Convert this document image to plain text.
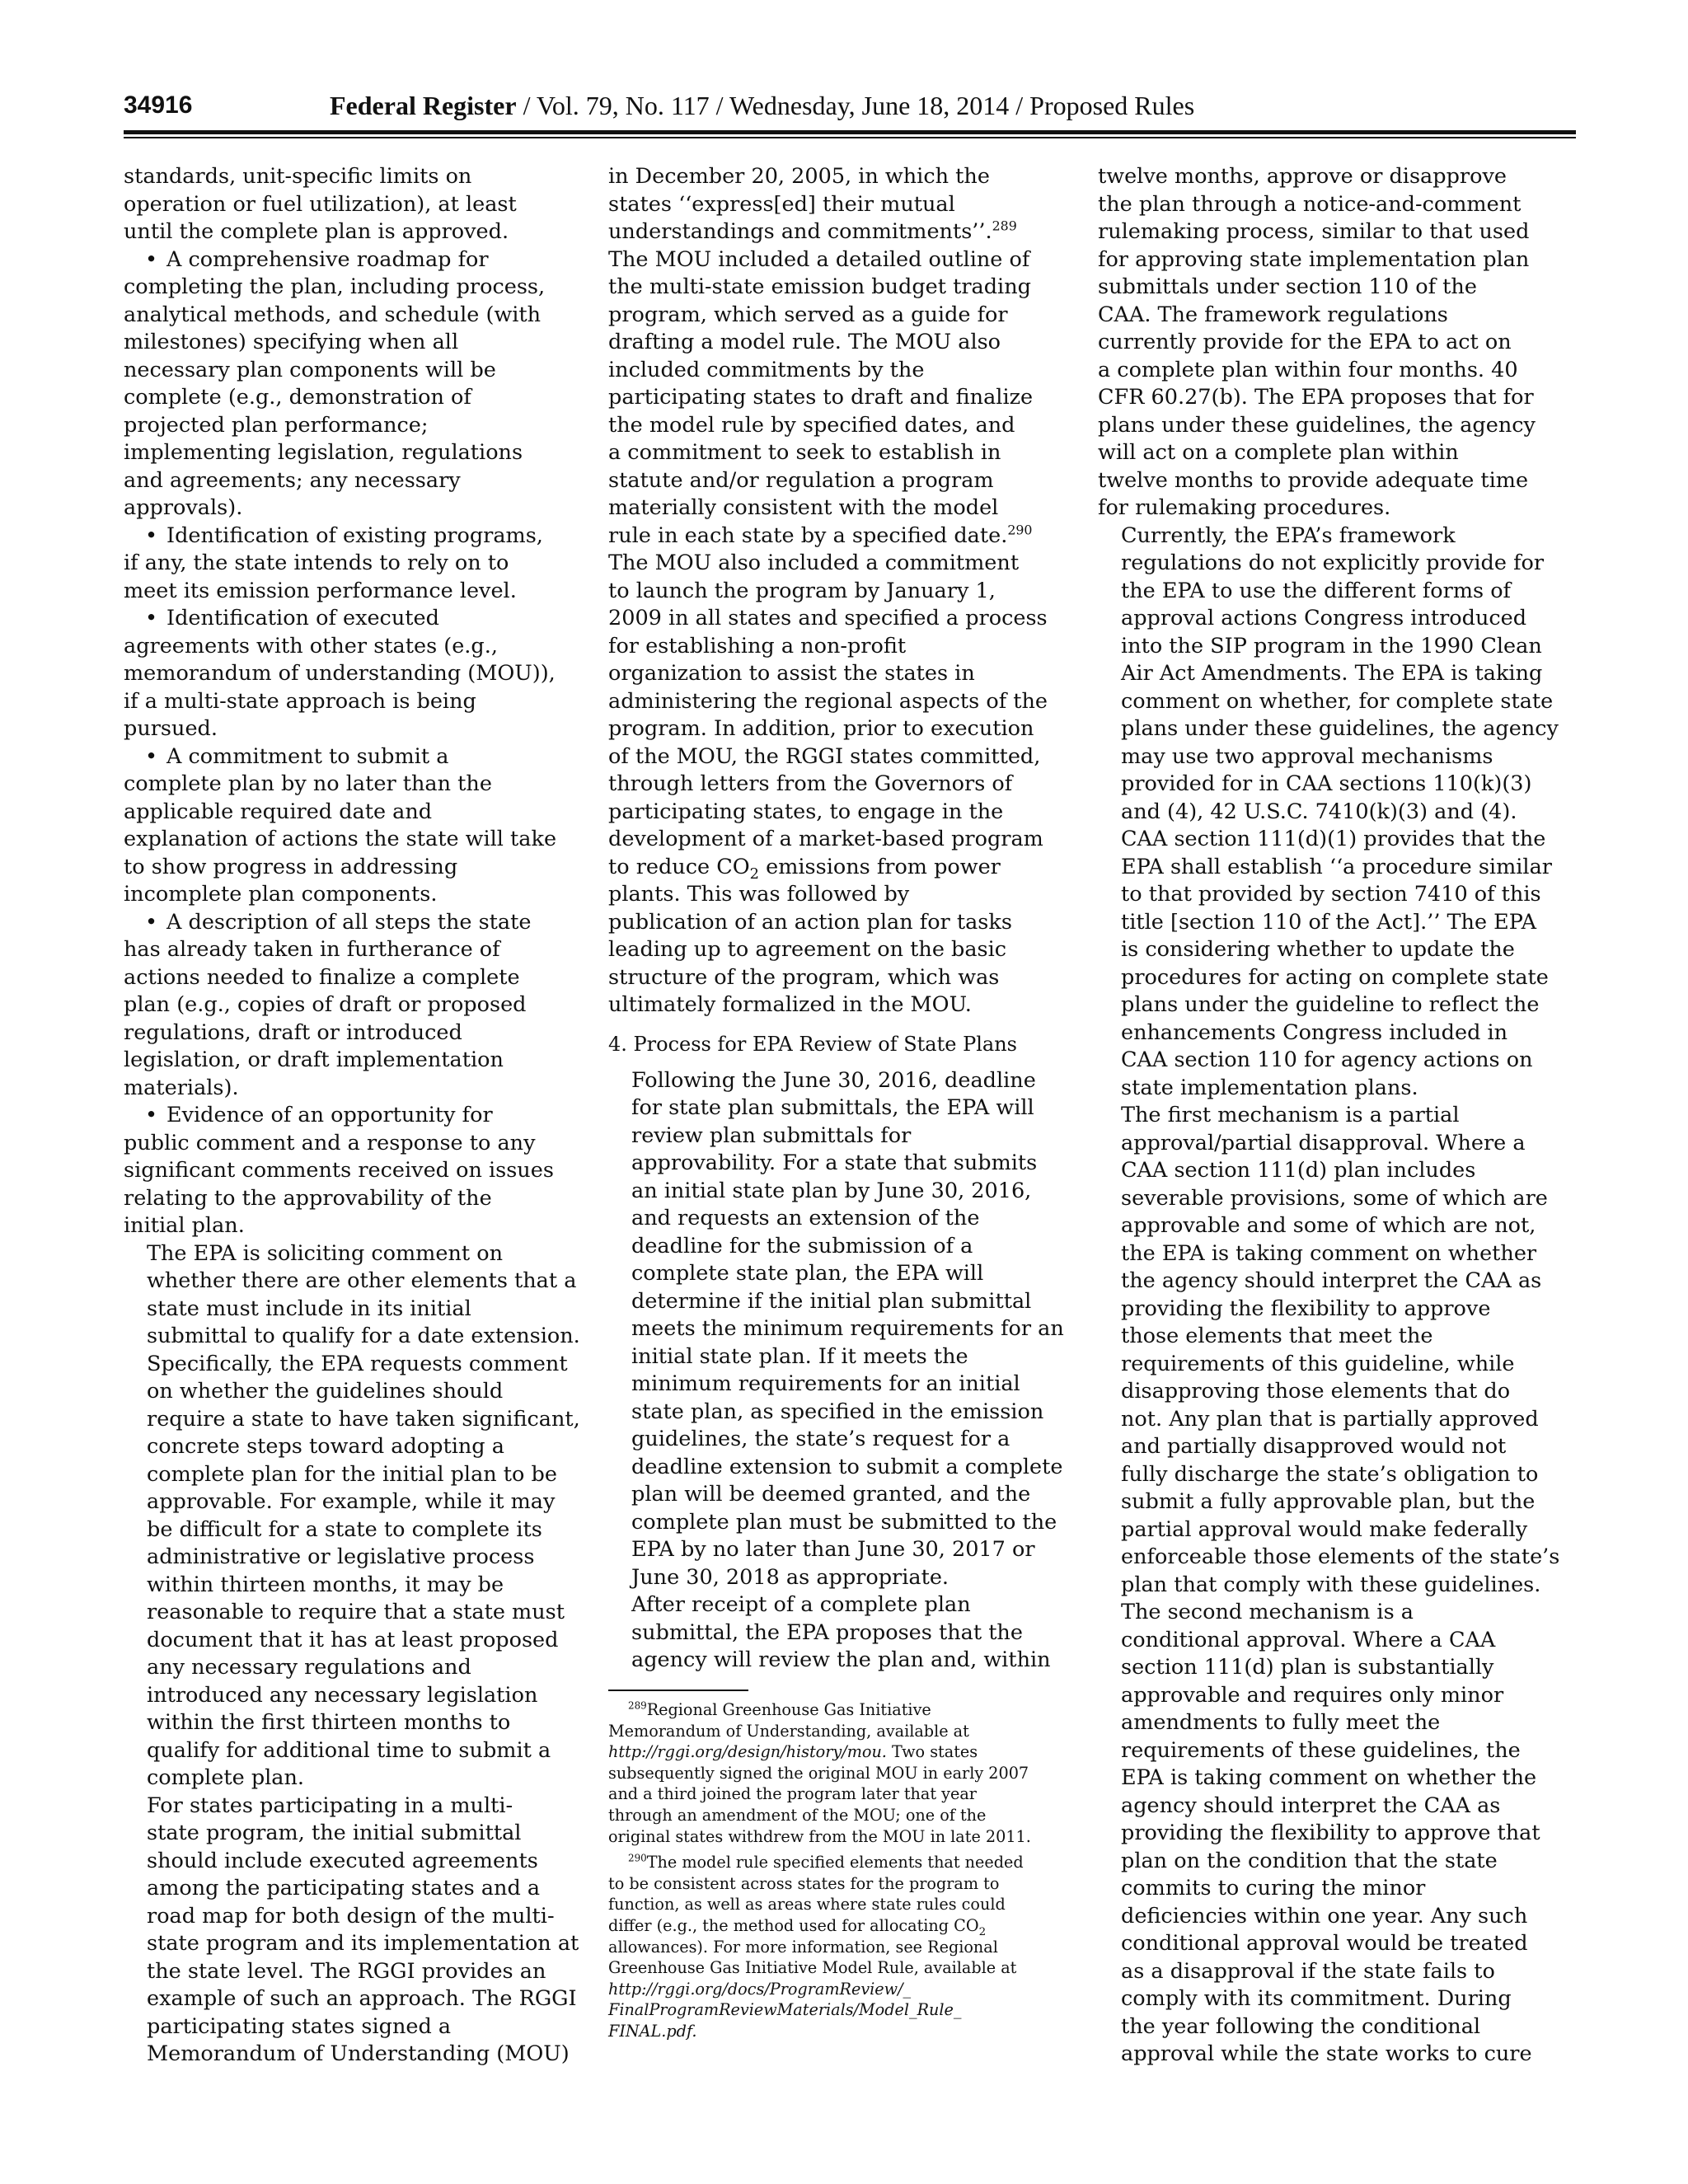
34916	Federal Register / Vol. 79, No. 117 / Wednesday, June 18, 2014 / Proposed Rules

standards, unit-specific limits on
operation or fuel utilization), at least
until the complete plan is approved.

• A comprehensive roadmap for
completing the plan, including process,
analytical methods, and schedule (with
milestones) specifying when all
necessary plan components will be
complete (e.g., demonstration of
projected plan performance;
implementing legislation, regulations
and agreements; any necessary
approvals).
• Identification of existing programs,
if any, the state intends to rely on to
meet its emission performance level.
• Identification of executed
agreements with other states (e.g.,
memorandum of understanding (MOU)),
if a multi-state approach is being
pursued.
• A commitment to submit a
complete plan by no later than the
applicable required date and
explanation of actions the state will take
to show progress in addressing
incomplete plan components.
• A description of all steps the state
has already taken in furtherance of
actions needed to finalize a complete
plan (e.g., copies of draft or proposed
regulations, draft or introduced
legislation, or draft implementation
materials).
• Evidence of an opportunity for
public comment and a response to any
significant comments received on issues
relating to the approvability of the
initial plan.

The EPA is soliciting comment on
whether there are other elements that a
state must include in its initial
submittal to qualify for a date extension.
Specifically, the EPA requests comment
on whether the guidelines should
require a state to have taken significant,
concrete steps toward adopting a
complete plan for the initial plan to be
approvable. For example, while it may
be difficult for a state to complete its
administrative or legislative process
within thirteen months, it may be
reasonable to require that a state must
document that it has at least proposed
any necessary regulations and
introduced any necessary legislation
within the first thirteen months to
qualify for additional time to submit a
complete plan.

For states participating in a multi-
state program, the initial submittal
should include executed agreements
among the participating states and a
road map for both design of the multi-
state program and its implementation at
the state level. The RGGI provides an
example of such an approach. The RGGI
participating states signed a
Memorandum of Understanding (MOU)

in December 20, 2005, in which the
states ‘‘express[ed] their mutual
understandings and commitments’’.$^{289}$
The MOU included a detailed outline of
the multi-state emission budget trading
program, which served as a guide for
drafting a model rule. The MOU also
included commitments by the
participating states to draft and finalize
the model rule by specified dates, and
a commitment to seek to establish in
statute and/or regulation a program
materially consistent with the model
rule in each state by a specified date.$^{290}$
The MOU also included a commitment
to launch the program by January 1,
2009 in all states and specified a process
for establishing a non-profit
organization to assist the states in
administering the regional aspects of the
program. In addition, prior to execution
of the MOU, the RGGI states committed,
through letters from the Governors of
participating states, to engage in the
development of a market-based program
to reduce $CO_2$ emissions from power
plants. This was followed by
publication of an action plan for tasks
leading up to agreement on the basic
structure of the program, which was
ultimately formalized in the MOU.

4. Process for EPA Review of State Plans

Following the June 30, 2016, deadline
for state plan submittals, the EPA will
review plan submittals for
approvability. For a state that submits
an initial state plan by June 30, 2016,
and requests an extension of the
deadline for the submission of a
complete state plan, the EPA will
determine if the initial plan submittal
meets the minimum requirements for an
initial state plan. If it meets the
minimum requirements for an initial
state plan, as specified in the emission
guidelines, the state’s request for a
deadline extension to submit a complete
plan will be deemed granted, and the
complete plan must be submitted to the
EPA by no later than June 30, 2017 or
June 30, 2018 as appropriate.

After receipt of a complete plan
submittal, the EPA proposes that the
agency will review the plan and, within

$^{289}$Regional Greenhouse Gas Initiative
Memorandum of Understanding, available at
http://rggi.org/design/history/mou. Two states
subsequently signed the original MOU in early 2007
and a third joined the program later that year
through an amendment of the MOU; one of the
original states withdrew from the MOU in late 2011.

$^{290}$The model rule specified elements that needed
to be consistent across states for the program to
function, as well as areas where state rules could
differ (e.g., the method used for allocating $CO_2$
allowances). For more information, see Regional
Greenhouse Gas Initiative Model Rule, available at
http://rggi.org/docs/ProgramReview/_
FinalProgramReviewMaterials/Model_Rule_
FINAL.pdf.

twelve months, approve or disapprove
the plan through a notice-and-comment
rulemaking process, similar to that used
for approving state implementation plan
submittals under section 110 of the
CAA. The framework regulations
currently provide for the EPA to act on
a complete plan within four months. 40
CFR 60.27(b). The EPA proposes that for
plans under these guidelines, the agency
will act on a complete plan within
twelve months to provide adequate time
for rulemaking procedures.

Currently, the EPA’s framework
regulations do not explicitly provide for
the EPA to use the different forms of
approval actions Congress introduced
into the SIP program in the 1990 Clean
Air Act Amendments. The EPA is taking
comment on whether, for complete state
plans under these guidelines, the agency
may use two approval mechanisms
provided for in CAA sections 110(k)(3)
and (4), 42 U.S.C. 7410(k)(3) and (4).
CAA section 111(d)(1) provides that the
EPA shall establish ‘‘a procedure similar
to that provided by section 7410 of this
title [section 110 of the Act].’’ The EPA
is considering whether to update the
procedures for acting on complete state
plans under the guideline to reflect the
enhancements Congress included in
CAA section 110 for agency actions on
state implementation plans.

The first mechanism is a partial
approval/partial disapproval. Where a
CAA section 111(d) plan includes
severable provisions, some of which are
approvable and some of which are not,
the EPA is taking comment on whether
the agency should interpret the CAA as
providing the flexibility to approve
those elements that meet the
requirements of this guideline, while
disapproving those elements that do
not. Any plan that is partially approved
and partially disapproved would not
fully discharge the state’s obligation to
submit a fully approvable plan, but the
partial approval would make federally
enforceable those elements of the state’s
plan that comply with these guidelines.

The second mechanism is a
conditional approval. Where a CAA
section 111(d) plan is substantially
approvable and requires only minor
amendments to fully meet the
requirements of these guidelines, the
EPA is taking comment on whether the
agency should interpret the CAA as
providing the flexibility to approve that
plan on the condition that the state
commits to curing the minor
deficiencies within one year. Any such
conditional approval would be treated
as a disapproval if the state fails to
comply with its commitment. During
the year following the conditional
approval while the state works to cure
